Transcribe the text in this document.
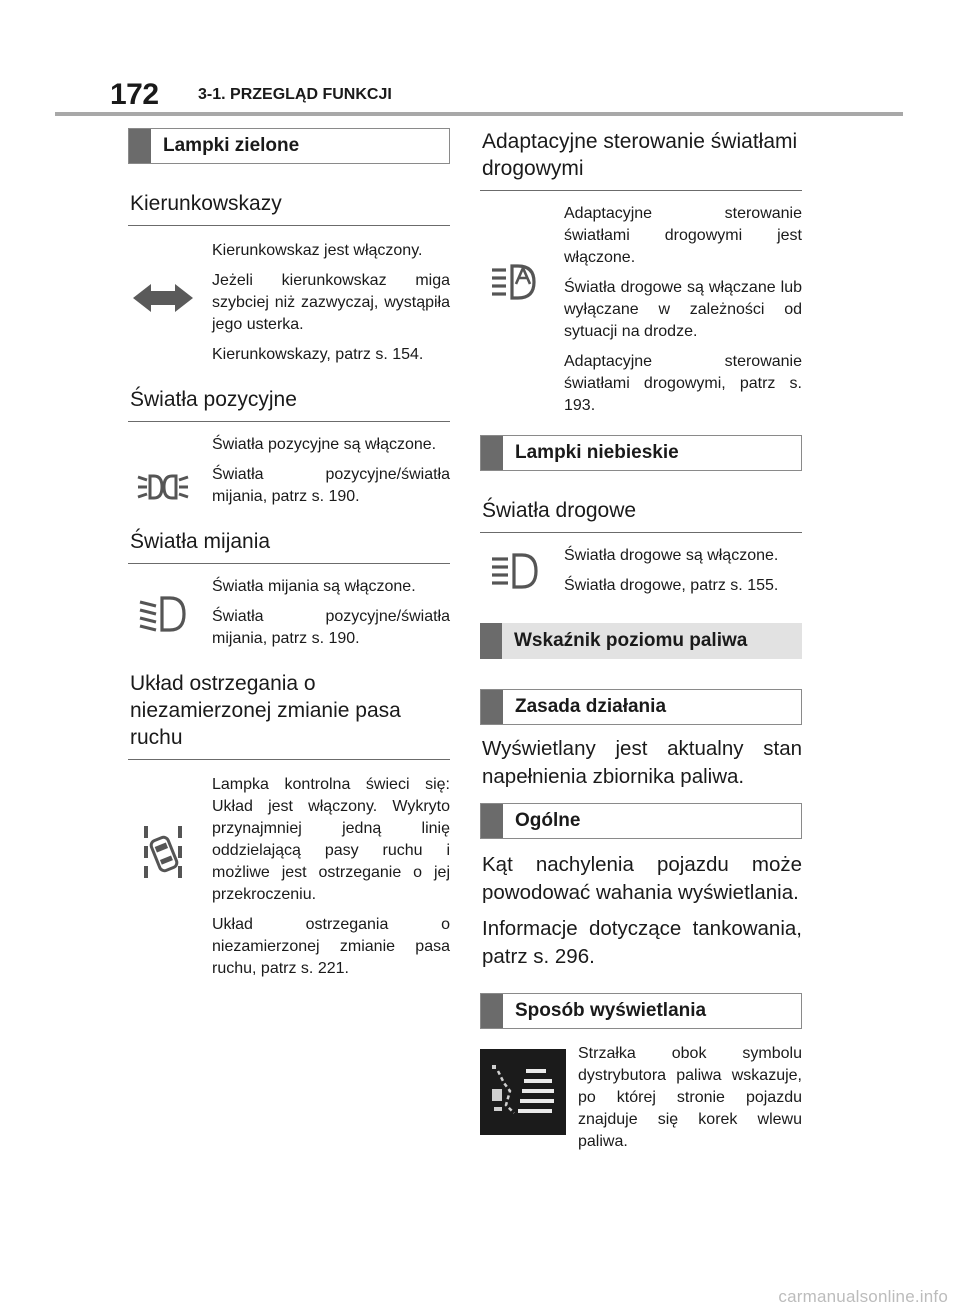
172 3-1. PRZEGLĄD FUNKCJI
Lampki zielone
Kierunkowskazy

Kierunkowskaz jest włączony.

Jeżeli kierunkowskaz miga szybciej niż zazwyczaj, wystąpiła jego usterka.

Kierunkowskazy, patrz s. 154.

Światła pozycyjne

Światła pozycyjne są włączone.

Światła pozycyjne/światła mijania, patrz s. 190.

Światła mijania

Światła mijania są włączone.

Światła pozycyjne/światła mijania, patrz s. 190.

Układ ostrzegania o niezamierzonej zmianie pasa ruchu

Lampka kontrolna świeci się: Układ jest włączony. Wykryto przynajmniej jedną linię oddzielającą pasy ruchu i możliwe jest ostrzeganie o jej przekroczeniu.

Układ ostrzegania o niezamierzonej zmianie pasa ruchu, patrz s. 221.

Adaptacyjne sterowanie światłami drogowymi

Adaptacyjne sterowanie światłami drogowymi jest włączone.

Światła drogowe są włączane lub wyłączane w zależności od sytuacji na drodze.

Adaptacyjne sterowanie światłami drogowymi, patrz s. 193.

Lampki niebieskie
Światła drogowe

Światła drogowe są włączone.

Światła drogowe, patrz s. 155.

Wskaźnik poziomu paliwa
Zasada działania

Wyświetlany jest aktualny stan napełnienia zbiornika paliwa.

Ogólne

Kąt nachylenia pojazdu może powodować wahania wyświetlania.

Informacje dotyczące tankowania, patrz s. 296.

Sposób wyświetlania

Strzałka obok symbolu dystrybutora paliwa wskazuje, po której stronie pojazdu znajduje się korek wlewu paliwa.

carmanualsonline.info
